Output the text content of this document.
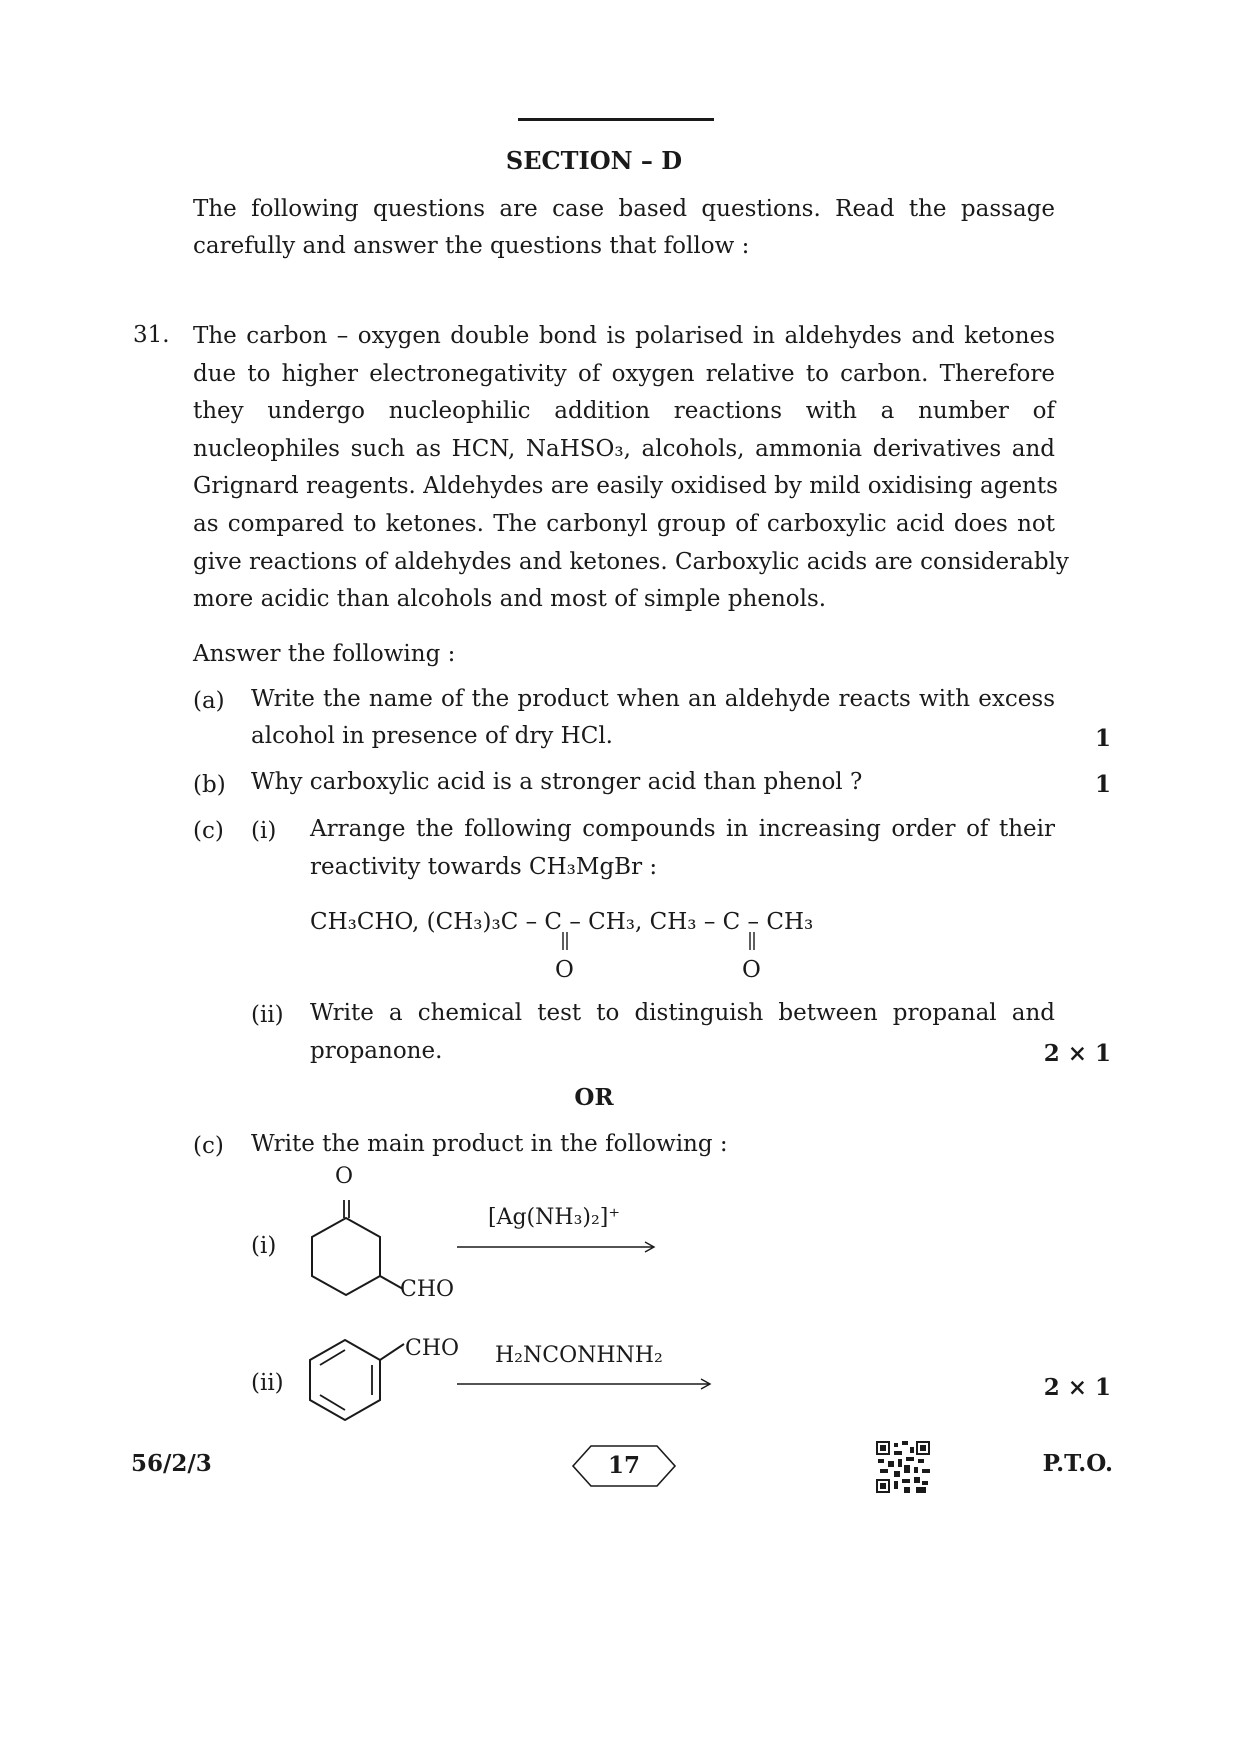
SECTION – D
The following questions are case based questions. Read the passage
carefully and answer the questions that follow :
31. The carbon – oxygen double bond is polarised in aldehydes and ketones
due to higher electronegativity of oxygen relative to carbon. Therefore
they undergo nucleophilic addition reactions with a number of
nucleophiles such as HCN, NaHSO₃, alcohols, ammonia derivatives and
Grignard reagents. Aldehydes are easily oxidised by mild oxidising agents
as compared to ketones. The carbonyl group of carboxylic acid does not
give reactions of aldehydes and ketones. Carboxylic acids are considerably
more acidic than alcohols and most of simple phenols.
Answer the following :
(a) Write the name of the product when an aldehyde reacts with excess
alcohol in presence of dry HCl.	1
(b) Why carboxylic acid is a stronger acid than phenol ?	1
(c) (i) Arrange the following compounds in increasing order of their
reactivity towards CH₃MgBr :
CH₃CHO, (CH₃)₃C – C – CH₃, CH₃ – C – CH₃
O	O
(ii) Write a chemical test to distinguish between propanal and
propanone.	2 × 1
OR
(c) Write the main product in the following :
(i)
O
CHO
[Ag(NH₃)₂]⁺
(ii)
CHO H₂NCONHNH₂
2 × 1
56/2/3	17	P.T.O.
